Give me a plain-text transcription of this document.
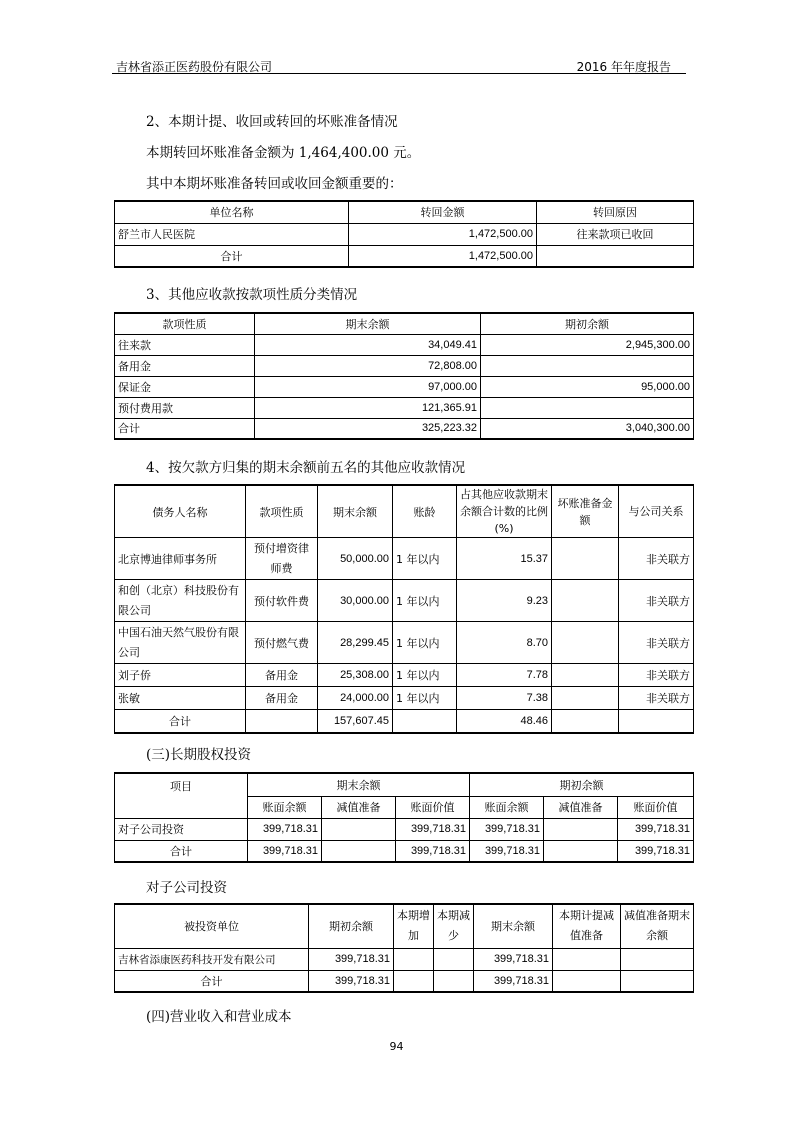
吉林省添正医药股份有限公司	2016 年年度报告
2、本期计提、收回或转回的坏账准备情况
本期转回坏账准备金额为 1,464,400.00 元。
其中本期坏账准备转回或收回金额重要的：
单位名称	转回金额	转回原因
舒兰市人民医院	1,472,500.00	往来款项已收回
合计	1,472,500.00	
3、其他应收款按款项性质分类情况
款项性质	期末余额	期初余额
往来款	34,049.41	2,945,300.00
备用金	72,808.00	
保证金	97,000.00	95,000.00
预付费用款	121,365.91	
合计	325,223.32	3,040,300.00
4、按欠款方归集的期末余额前五名的其他应收款情况
债务人名称	款项性质	期末余额	账龄	占其他应收款期末余额合计数的比例(%)	坏账准备金额	与公司关系
北京博迪律师事务所	预付增资律师费	50,000.00	1 年以内	15.37		非关联方
和创（北京）科技股份有限公司	预付软件费	30,000.00	1 年以内	9.23		非关联方
中国石油天然气股份有限公司	预付燃气费	28,299.45	1 年以内	8.70		非关联方
刘子侨	备用金	25,308.00	1 年以内	7.78		非关联方
张敏	备用金	24,000.00	1 年以内	7.38		非关联方
合计		157,607.45		48.46		
(三)长期股权投资
项目	期末余额			期初余额		
	账面余额	减值准备	账面价值	账面余额	减值准备	账面价值
对子公司投资	399,718.31		399,718.31	399,718.31		399,718.31
合计	399,718.31		399,718.31	399,718.31		399,718.31
对子公司投资
被投资单位	期初余额	本期增加	本期减少	期末余额	本期计提减值准备	减值准备期末余额
吉林省添康医药科技开发有限公司	399,718.31			399,718.31		
合计	399,718.31			399,718.31		
(四)营业收入和营业成本
94
